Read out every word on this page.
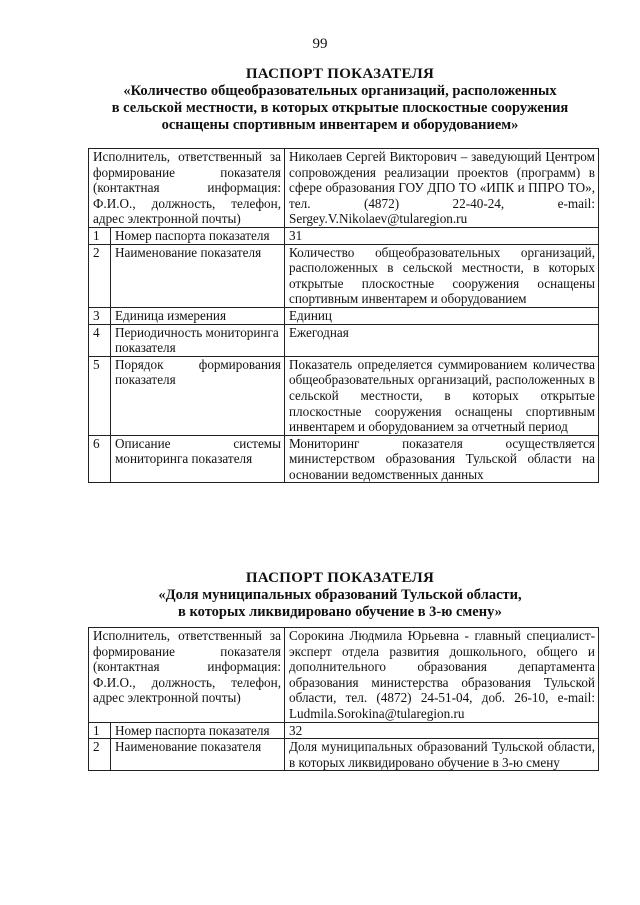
99
ПАСПОРТ ПОКАЗАТЕЛЯ
«Количество общеобразовательных организаций, расположенных
в сельской местности, в которых открытые плоскостные сооружения
оснащены спортивным инвентарем и оборудованием»
Исполнитель, ответственный за формирование показателя (контактная информация: Ф.И.О., должность, телефон, адрес электронной почты)		Николаев Сергей Викторович – заведующий Центром сопровождения реализации проектов (программ) в сфере образования ГОУ ДПО ТО «ИПК и ППРО ТО», тел. (4872) 22-40-24, e-mail: Sergey.V.Nikolaev@tularegion.ru
1	Номер паспорта показателя	31
2	Наименование показателя	Количество общеобразовательных организаций, расположенных в сельской местности, в которых открытые плоскостные сооружения оснащены спортивным инвентарем и оборудованием
3	Единица измерения	Единиц
4	Периодичность мониторинга показателя	Ежегодная
5	Порядок формирования показателя	Показатель определяется суммированием количества общеобразовательных организаций, расположенных в сельской местности, в которых открытые плоскостные сооружения оснащены спортивным инвентарем и оборудованием за отчетный период
6	Описание системы мониторинга показателя	Мониторинг показателя осуществляется министерством образования Тульской области на основании ведомственных данных
ПАСПОРТ ПОКАЗАТЕЛЯ
«Доля муниципальных образований Тульской области,
в которых ликвидировано обучение в 3-ю смену»
Исполнитель, ответственный за формирование показателя (контактная информация: Ф.И.О., должность, телефон, адрес электронной почты)		Сорокина Людмила Юрьевна - главный специалист-эксперт отдела развития дошкольного, общего и дополнительного образования департамента образования министерства образования Тульской области, тел. (4872) 24-51-04, доб. 26-10, e-mail: Ludmila.Sorokina@tularegion.ru
1	Номер паспорта показателя	32
2	Наименование показателя	Доля муниципальных образований Тульской области, в которых ликвидировано обучение в 3-ю смену
